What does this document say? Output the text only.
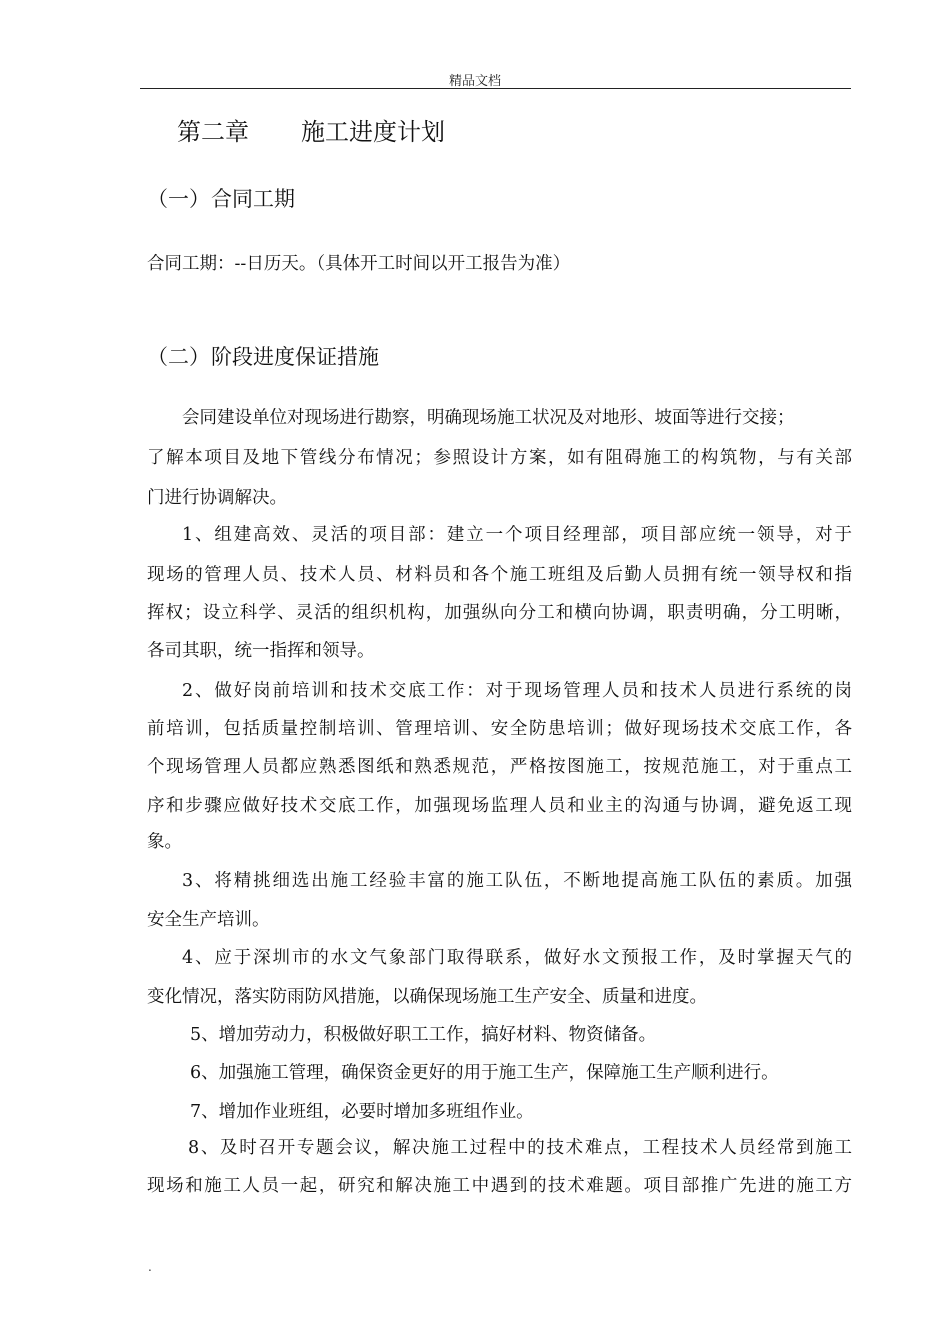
精品文档
第二章 施工进度计划
（一）合同工期
合同工期：--日历天。（具体开工时间以开工报告为准）
（二）阶段进度保证措施
会同建设单位对现场进行勘察，明确现场施工状况及对地形、坡面等进行交接；
了解本项目及地下管线分布情况；参照设计方案，如有阻碍施工的构筑物，与有关部
门进行协调解决。
1、组建高效、灵活的项目部：建立一个项目经理部，项目部应统一领导，对于
现场的管理人员、技术人员、材料员和各个施工班组及后勤人员拥有统一领导权和指
挥权；设立科学、灵活的组织机构，加强纵向分工和横向协调，职责明确，分工明晰，
各司其职，统一指挥和领导。
2、做好岗前培训和技术交底工作：对于现场管理人员和技术人员进行系统的岗
前培训，包括质量控制培训、管理培训、安全防患培训；做好现场技术交底工作，各
个现场管理人员都应熟悉图纸和熟悉规范，严格按图施工，按规范施工，对于重点工
序和步骤应做好技术交底工作，加强现场监理人员和业主的沟通与协调，避免返工现
象。
3、将精挑细选出施工经验丰富的施工队伍，不断地提高施工队伍的素质。加强
安全生产培训。
4、应于深圳市的水文气象部门取得联系，做好水文预报工作，及时掌握天气的
变化情况，落实防雨防风措施，以确保现场施工生产安全、质量和进度。
5、增加劳动力，积极做好职工工作，搞好材料、物资储备。
6、加强施工管理，确保资金更好的用于施工生产，保障施工生产顺利进行。
7、增加作业班组，必要时增加多班组作业。
8、及时召开专题会议，解决施工过程中的技术难点，工程技术人员经常到施工
现场和施工人员一起，研究和解决施工中遇到的技术难题。项目部推广先进的施工方
.
